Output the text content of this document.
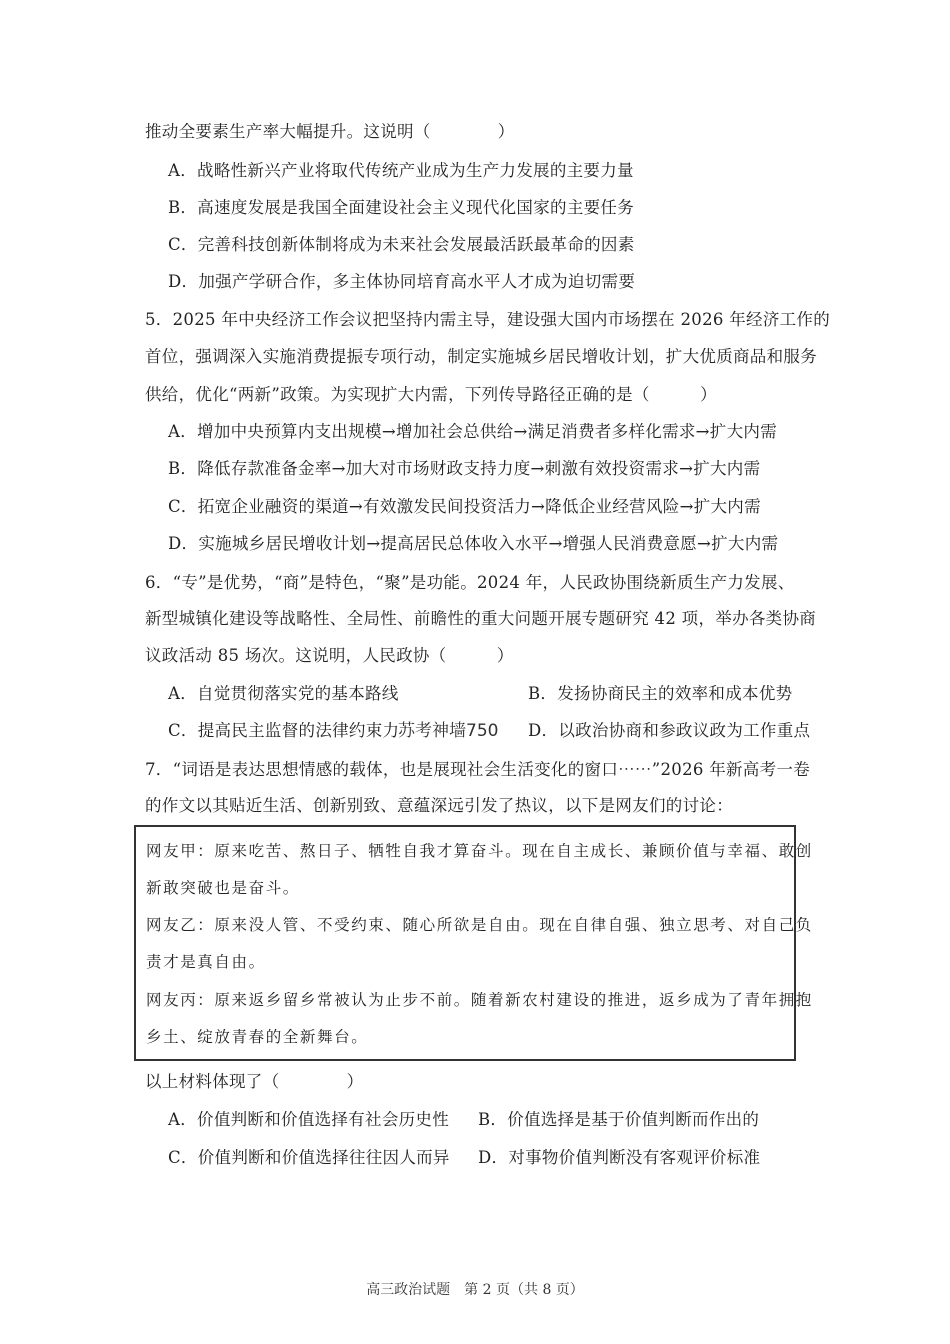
推动全要素生产率大幅提升。这说明（　　　　）
A．战略性新兴产业将取代传统产业成为生产力发展的主要力量
B．高速度发展是我国全面建设社会主义现代化国家的主要任务
C．完善科技创新体制将成为未来社会发展最活跃最革命的因素
D．加强产学研合作，多主体协同培育高水平人才成为迫切需要
5．2025 年中央经济工作会议把坚持内需主导，建设强大国内市场摆在 2026 年经济工作的
首位，强调深入实施消费提振专项行动，制定实施城乡居民增收计划，扩大优质商品和服务
供给，优化“两新”政策。为实现扩大内需，下列传导路径正确的是（　　　）
A．增加中央预算内支出规模→增加社会总供给→满足消费者多样化需求→扩大内需
B．降低存款准备金率→加大对市场财政支持力度→刺激有效投资需求→扩大内需
C．拓宽企业融资的渠道→有效激发民间投资活力→降低企业经营风险→扩大内需
D．实施城乡居民增收计划→提高居民总体收入水平→增强人民消费意愿→扩大内需
6．“专”是优势，“商”是特色，“聚”是功能。2024 年，人民政协围绕新质生产力发展、
新型城镇化建设等战略性、全局性、前瞻性的重大问题开展专题研究 42 项，举办各类协商
议政活动 85 场次。这说明，人民政协（　　　）
A．自觉贯彻落实党的基本路线	B．发扬协商民主的效率和成本优势
C．提高民主监督的法律约束力
苏考神墙750 D．以政治协商和参政议政为工作重点
7．“词语是表达思想情感的载体，也是展现社会生活变化的窗口⋯⋯”2026 年新高考一卷
的作文以其贴近生活、创新别致、意蕴深远引发了热议，以下是网友们的讨论：
网友甲：原来吃苦、熬日子、牺牲自我才算奋斗。现在自主成长、兼顾价值与幸福、敢创
新敢突破也是奋斗。
网友乙：原来没人管、不受约束、随心所欲是自由。现在自律自强、独立思考、对自己负
责才是真自由。
网友丙：原来返乡留乡常被认为止步不前。随着新农村建设的推进，返乡成为了青年拥抱
乡土、绽放青春的全新舞台。
以上材料体现了（　　　　）
A．价值判断和价值选择有社会历史性 B．价值选择是基于价值判断而作出的
C．价值判断和价值选择往往因人而异 D．对事物价值判断没有客观评价标准
高三政治试题　第 2 页（共 8 页）
